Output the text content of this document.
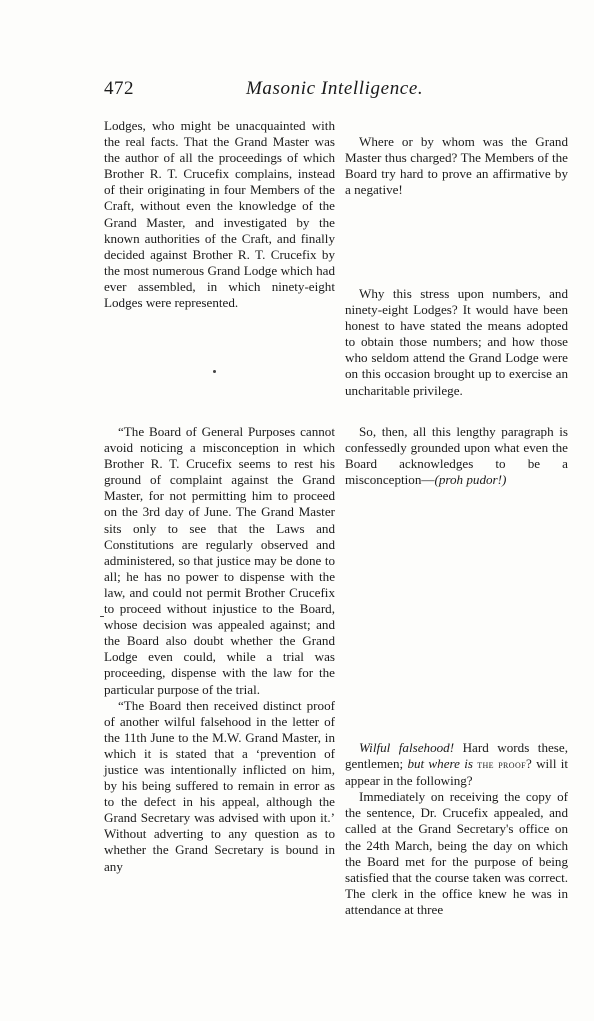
472	Masonic Intelligence.

Lodges, who might be unacquainted with the real facts. That the Grand Master was the author of all the proceedings of which Brother R. T. Crucefix complains, instead of their originating in four Members of the Craft, without even the knowledge of the Grand Master, and investigated by the known authorities of the Craft, and finally decided against Brother R. T. Crucefix by the most numerous Grand Lodge which had ever assembled, in which ninety-eight Lodges were represented.

“The Board of General Purposes cannot avoid noticing a misconception in which Brother R. T. Crucefix seems to rest his ground of complaint against the Grand Master, for not permitting him to proceed on the 3rd day of June. The Grand Master sits only to see that the Laws and Constitutions are regularly observed and administered, so that justice may be done to all; he has no power to dispense with the law, and could not permit Brother Crucefix to proceed without injustice to the Board, whose decision was appealed against; and the Board also doubt whether the Grand Lodge even could, while a trial was proceeding, dispense with the law for the particular purpose of the trial.

“The Board then received distinct proof of another wilful falsehood in the letter of the 11th June to the M.W. Grand Master, in which it is stated that a ‘prevention of justice was intentionally inflicted on him, by his being suffered to remain in error as to the defect in his appeal, although the Grand Secretary was advised with upon it.’ Without adverting to any question as to whether the Grand Secretary is bound in any

Where or by whom was the Grand Master thus charged? The Members of the Board try hard to prove an affirmative by a negative!

Why this stress upon numbers, and ninety-eight Lodges? It would have been honest to have stated the means adopted to obtain those numbers; and how those who seldom attend the Grand Lodge were on this occasion brought up to exercise an uncharitable privilege.

So, then, all this lengthy paragraph is confessedly grounded upon what even the Board acknowledges to be a misconception—(proh pudor!)

Wilful falsehood! Hard words these, gentlemen; but where is the proof? will it appear in the following?

Immediately on receiving the copy of the sentence, Dr. Crucefix appealed, and called at the Grand Secretary's office on the 24th March, being the day on which the Board met for the purpose of being satisfied that the course taken was correct. The clerk in the office knew he was in attendance at three
